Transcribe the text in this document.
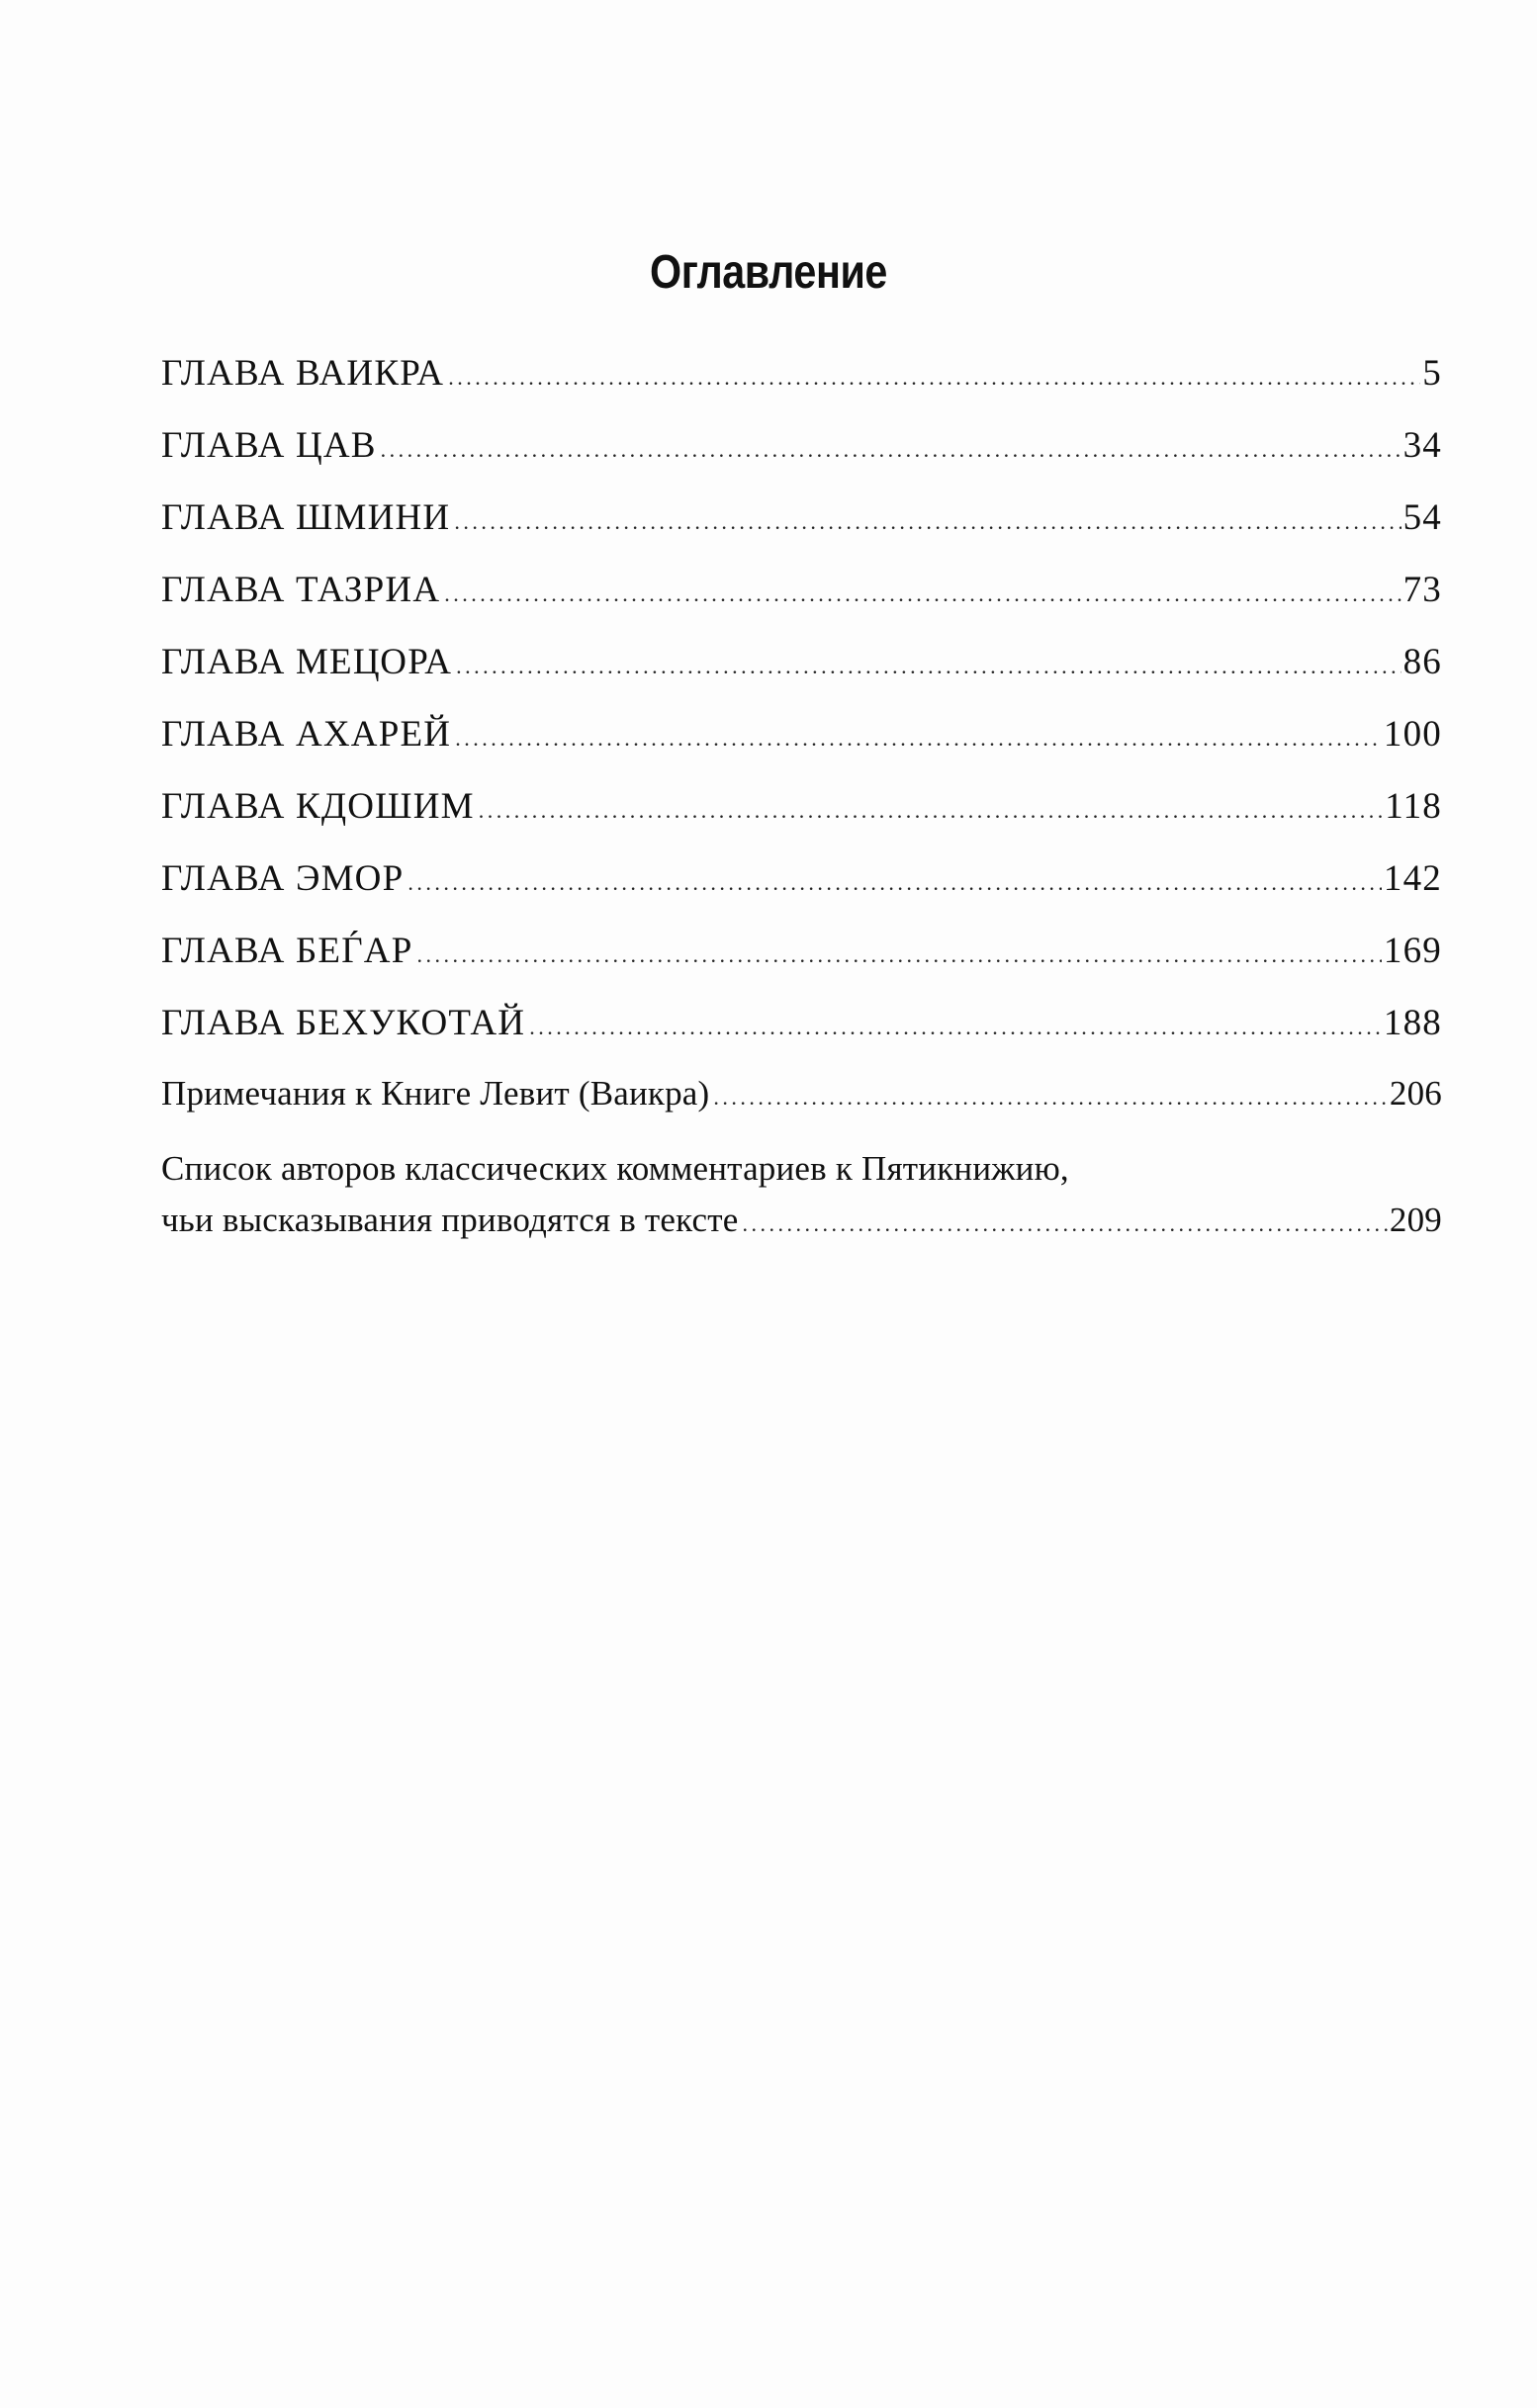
Оглавление
ГЛАВА ВАИКРА .....	5
ГЛАВА ЦАВ .....	34
ГЛАВА ШМИНИ .....	54
ГЛАВА ТАЗРИА .....	73
ГЛАВА МЕЦОРА .....	86
ГЛАВА АХАРЕЙ .....	100
ГЛАВА КДОШИМ .....	118
ГЛАВА ЭМОР .....	142
ГЛАВА БЕЃАР .....	169
ГЛАВА БЕХУКОТАЙ .....	188
Примечания к Книге Левит (Ваикра) .....	206
Список авторов классических комментариев к Пятикнижию,
чьи высказывания приводятся в тексте .....	209
